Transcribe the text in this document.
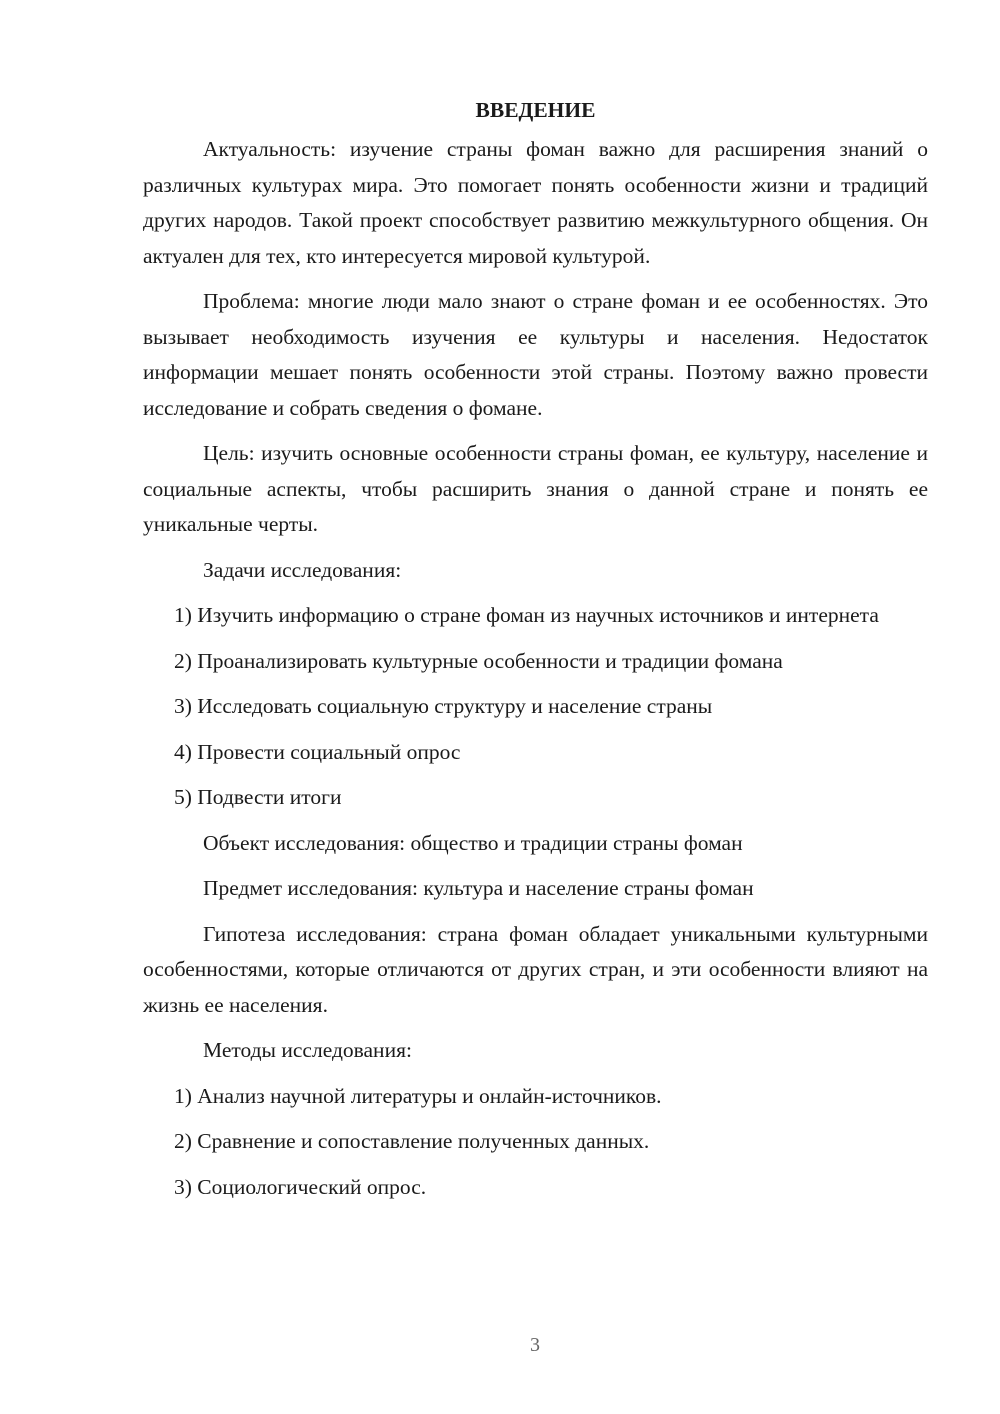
ВВЕДЕНИЕ

Актуальность: изучение страны фоман важно для расширения знаний о различных культурах мира. Это помогает понять особенности жизни и традиций других народов. Такой проект способствует развитию межкультурного общения. Он актуален для тех, кто интересуется мировой культурой.

Проблема: многие люди мало знают о стране фоман и ее особенностях. Это вызывает необходимость изучения ее культуры и населения. Недостаток информации мешает понять особенности этой страны. Поэтому важно провести исследование и собрать сведения о фомане.

Цель: изучить основные особенности страны фоман, ее культуру, население и социальные аспекты, чтобы расширить знания о данной стране и понять ее уникальные черты.

Задачи исследования:

1) Изучить информацию о стране фоман из научных источников и интернета

2) Проанализировать культурные особенности и традиции фомана

3) Исследовать социальную структуру и население страны

4) Провести социальный опрос

5) Подвести итоги

Объект исследования: общество и традиции страны фоман

Предмет исследования: культура и население страны фоман

Гипотеза исследования: страна фоман обладает уникальными культурными особенностями, которые отличаются от других стран, и эти особенности влияют на жизнь ее населения.

Методы исследования:

1) Анализ научной литературы и онлайн-источников.

2) Сравнение и сопоставление полученных данных.

3) Социологический опрос.

3
